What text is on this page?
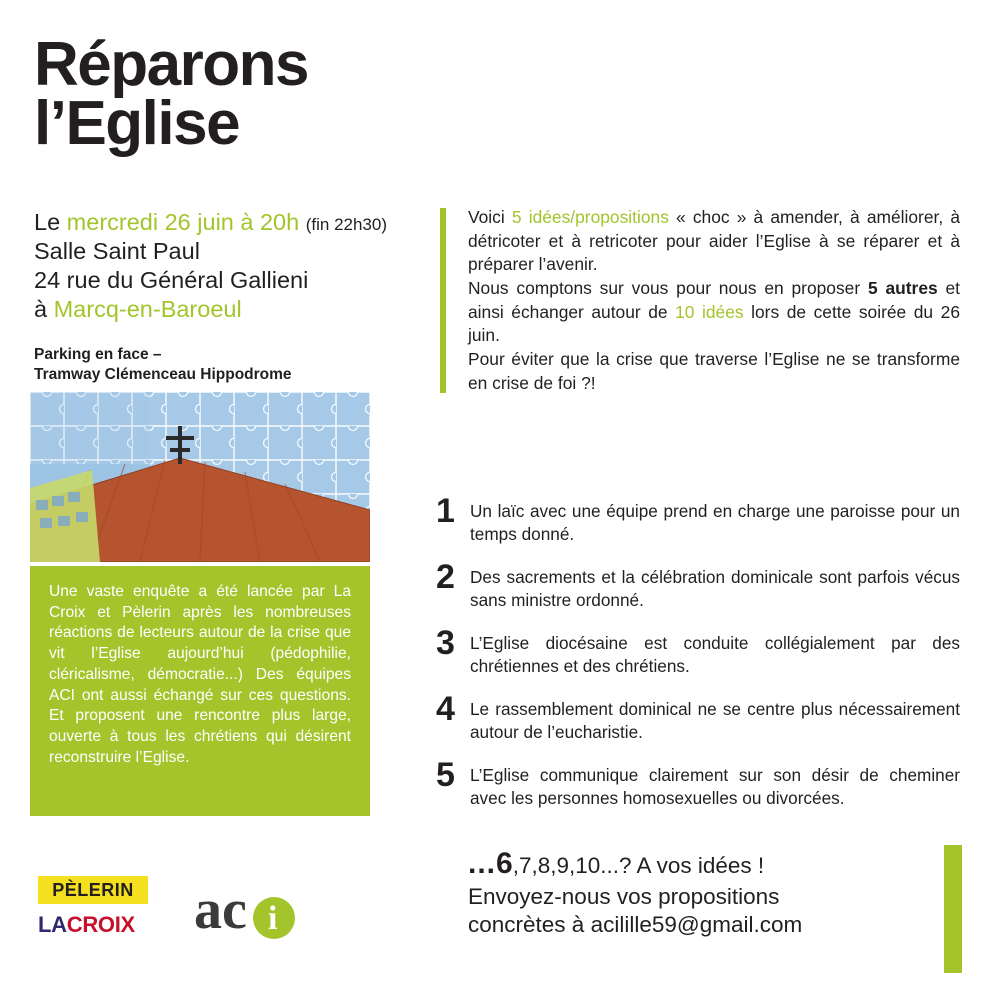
Réparons
l’Eglise
Le mercredi 26 juin à 20h (fin 22h30)
Salle Saint Paul
24 rue du Général Gallieni
à Marcq-en-Baroeul
Parking en face –
Tramway Clémenceau Hippodrome

Une vaste enquête a été lancée par La Croix et Pèlerin après les nombreuses réactions de lecteurs autour de la crise que vit l’Eglise aujourd’hui (pédophilie, cléricalisme, démocratie...) Des équipes ACI ont aussi échangé sur ces questions. Et proposent une rencontre plus large, ouverte à tous les chrétiens qui désirent reconstruire l’Eglise.

PÈLERIN
LA CROIX ac i

Voici 5 idées/propositions « choc » à amender, à améliorer, à détricoter et à retricoter pour aider l’Eglise à se réparer et à préparer l’avenir.

Nous comptons sur vous pour nous en proposer 5 autres et ainsi échanger autour de 10 idées lors de cette soirée du 26 juin.

Pour éviter que la crise que traverse l’Eglise ne se transforme en crise de foi ?!

1 Un laïc avec une équipe prend en charge une paroisse pour un temps donné.
2 Des sacrements et la célébration dominicale sont parfois vécus sans ministre ordonné.
3 L’Eglise diocésaine est conduite collégialement par des chrétiennes et des chrétiens.
4 Le rassemblement dominical ne se centre plus nécessairement autour de l’eucharistie.
5 L’Eglise communique clairement sur son désir de cheminer avec les personnes homosexuelles ou divorcées.
...6,7,8,9,10...? A vos idées !
Envoyez-nous vos propositions
concrètes à acilille59@gmail.com
